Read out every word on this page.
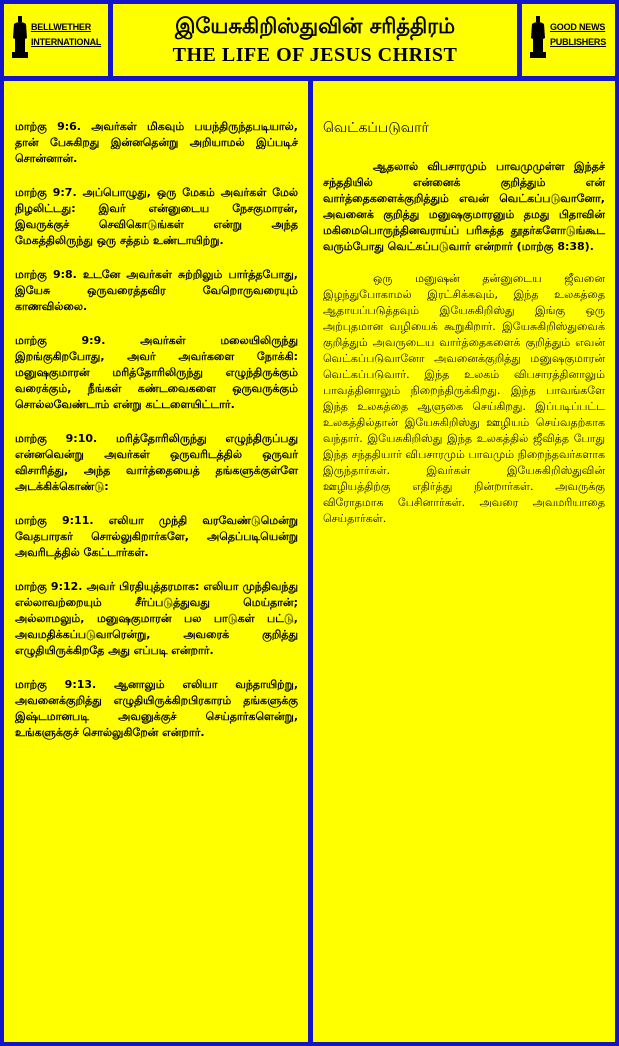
BELLWETHER
INTERNATIONAL
இயேசுகிறிஸ்துவின் சரித்திரம்
THE LIFE OF JESUS CHRIST
GOOD NEWS
PUBLISHERS

மாற்கு 9:6. அவர்கள் மிகவும் பயந்திருந்தபடியால், தான் பேசுகிறது இன்னதென்று அறியாமல் இப்படிச் சொன்னான்.

மாற்கு 9:7. அப்பொழுது, ஒரு மேகம் அவர்கள் மேல் நிழலிட்டது: இவர் என்னுடைய நேசகுமாரன், இவருக்குச் செவிகொடுங்கள் என்று அந்த மேகத்திலிருந்து ஒரு சத்தம் உண்டாயிற்று.

மாற்கு 9:8. உடனே அவர்கள் சுற்றிலும் பார்த்தபோது, இயேசு ஒருவரைத்தவிர வேறொருவரையும் காணவில்லை.

மாற்கு 9:9. அவர்கள் மலையிலிருந்து இறங்குகிறபோது, அவர் அவர்களை நோக்கி: மனுஷகுமாரன் மரித்தோரிலிருந்து எழுந்திருக்கும் வரைக்கும், நீங்கள் கண்டவைகளை ஒருவருக்கும் சொல்லவேண்டாம் என்று கட்டளையிட்டார்.

மாற்கு 9:10. மரித்தோரிலிருந்து எழுந்திருப்பது என்னவென்று அவர்கள் ஒருவரிடத்தில் ஒருவர் விசாரித்து, அந்த வார்த்தையைத் தங்களுக்குள்ளே அடக்கிக்கொண்டு:

மாற்கு 9:11. எலியா முந்தி வரவேண்டுமென்று வேதபாரகர் சொல்லுகிறார்களே, அதெப்படியென்று அவரிடத்தில் கேட்டார்கள்.

மாற்கு 9:12. அவர் பிரதியுத்தரமாக: எலியா முந்திவந்து எல்லாவற்றையும் சீர்ப்படுத்துவது மெய்தான்; அல்லாமலும், மனுஷகுமாரன் பல பாடுகள் பட்டு, அவமதிக்கப்படுவாரென்று, அவரைக் குறித்து எழுதியிருக்கிறதே அது எப்படி என்றார்.

மாற்கு 9:13. ஆனாலும் எலியா வந்தாயிற்று, அவனைக்குறித்து எழுதியிருக்கிறபிரகாரம் தங்களுக்கு இஷ்டமானபடி அவனுக்குச் செய்தார்களென்று, உங்களுக்குச் சொல்லுகிறேன் என்றார்.

வெட்கப்படுவார்

ஆதலால் விபசாரமும் பாவமுமுள்ள இந்தச் சந்ததியில் என்னைக் குறித்தும் என் வார்த்தைகளைக்குறித்தும் எவன் வெட்கப்படுவானோ, அவனைக் குறித்து மனுஷகுமாரனும் தமது பிதாவின் மகிமைபொருந்தினவராய்ப் பரிசுத்த தூதர்களோடுங்கூட வரும்போது வெட்கப்படுவார் என்றார் (மாற்கு 8:38).

ஒரு மனுஷன் தன்னுடைய ஜீவனை இழந்துபோகாமல் இரட்சிக்கவும், இந்த உலகத்தை ஆதாயப்படுத்தவும் இயேசுகிறிஸ்து இங்கு ஒரு அற்புதமான வழியைக் கூறுகிறார். இயேசுகிறிஸ்துவைக் குறித்தும் அவருடைய வார்த்தைகளைக் குறித்தும் எவன் வெட்கப்படுவானோ அவனைக்குறித்து மனுஷகுமாரன் வெட்கப்படுவார். இந்த உலகம் விபசாரத்தினாலும் பாவத்தினாலும் நிறைந்திருக்கிறது. இந்த பாவங்களே இந்த உலகத்தை ஆளுகை செய்கிறது. இப்படிப்பட்ட உலகத்தில்தான் இயேசுகிறிஸ்து ஊழியம் செய்வதற்காக வந்தார். இயேசுகிறிஸ்து இந்த உலகத்தில் ஜீவித்த போது இந்த சந்ததியார் விபசாரமும் பாவமும் நிறைந்தவர்களாக இருந்தார்கள். இவர்கள் இயேசுகிறிஸ்துவின் ஊழியத்திற்கு எதிர்த்து நின்றார்கள். அவருக்கு விரோதமாக பேசினார்கள். அவரை அவமரியாதை செய்தார்கள்.
